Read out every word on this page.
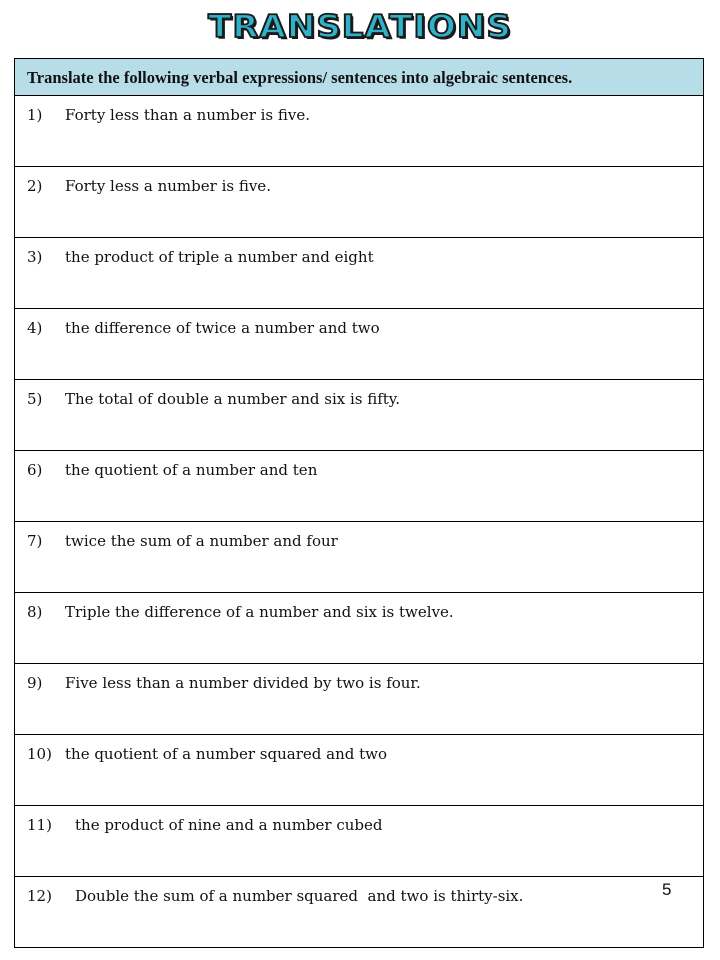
TRANSLATIONS
Translate the following verbal expressions/ sentences into algebraic sentences.

1) Forty less than a number is five.

2) Forty less a number is five.

3) the product of triple a number and eight

4) the difference of twice a number and two

5) The total of double a number and six is fifty.

6) the quotient of a number and ten

7) twice the sum of a number and four

8) Triple the difference of a number and six is twelve.

9) Five less than a number divided by two is four.

10) the quotient of a number squared and two

11) the product of nine and a number cubed

12) Double the sum of a number squared  and two is thirty-six.	5
